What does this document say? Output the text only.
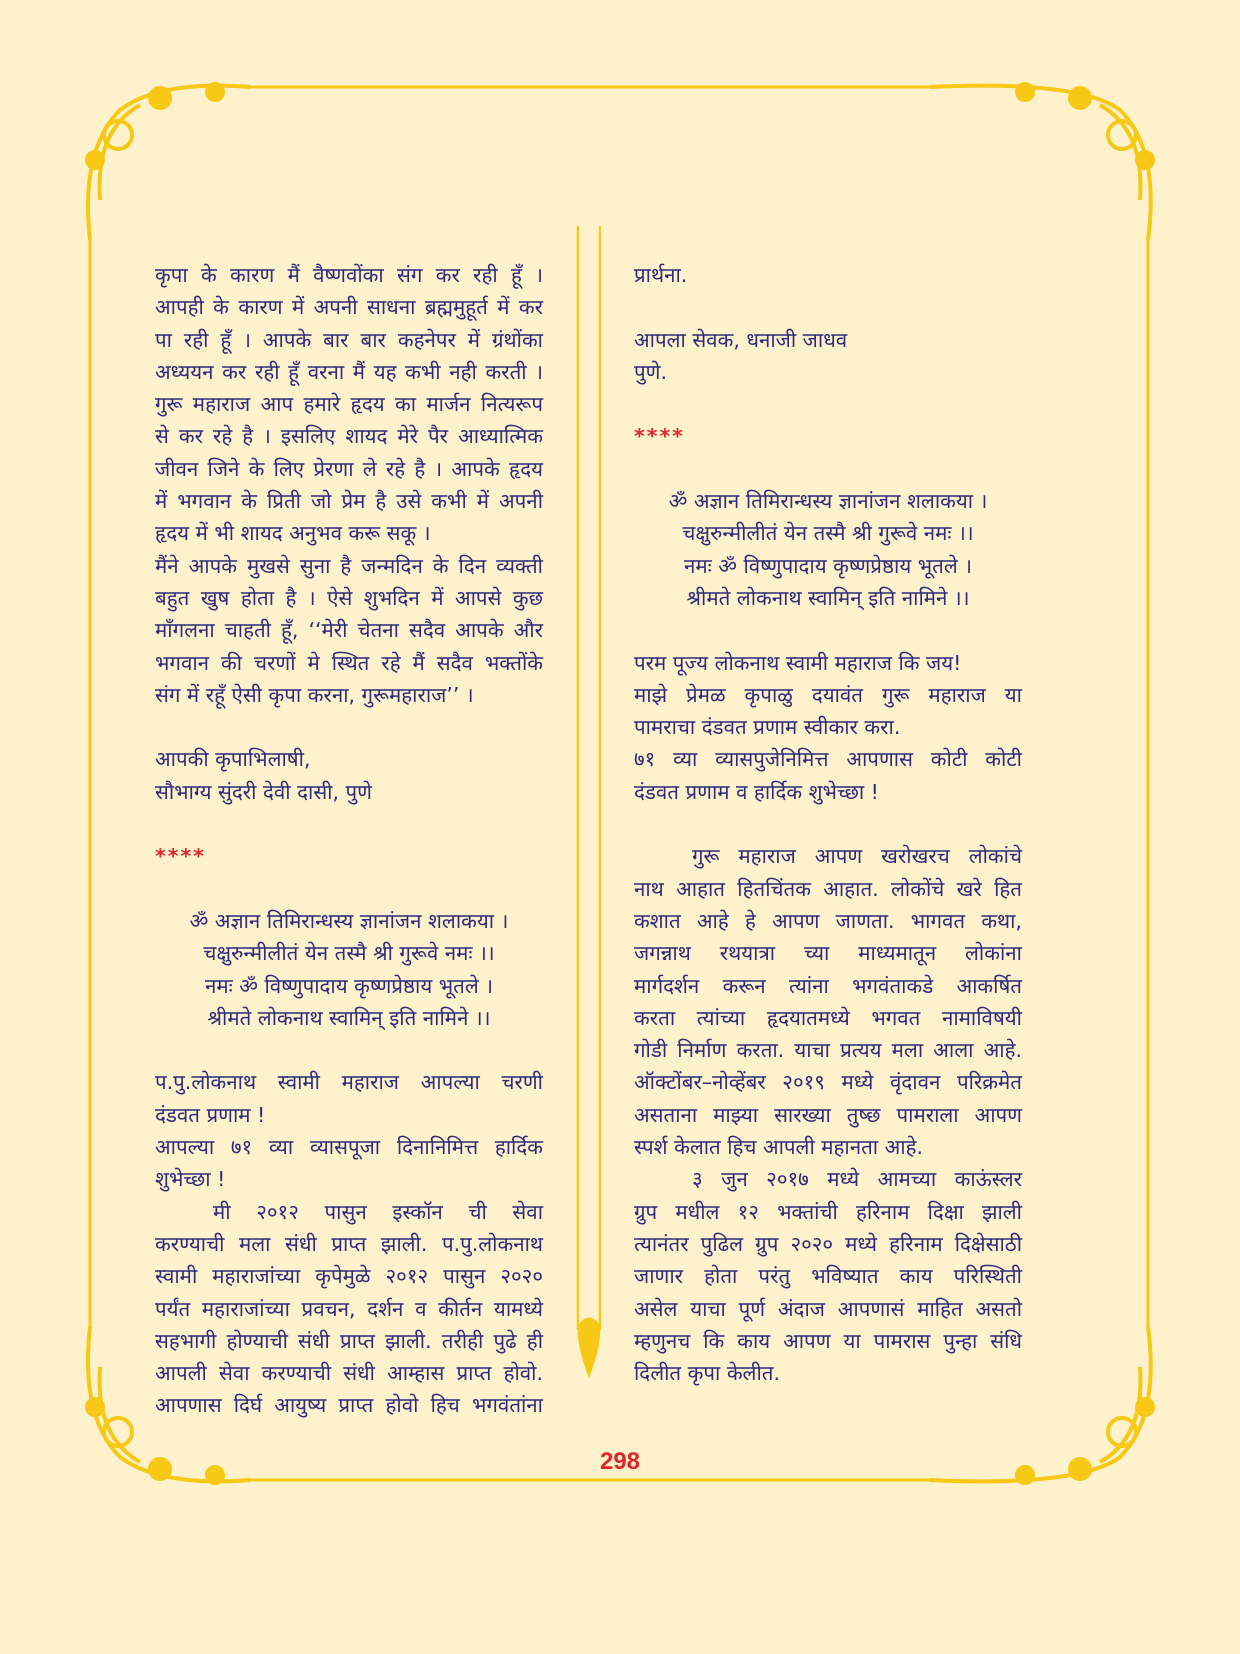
कृपा के कारण मैं वैष्णवोंका संग कर रही हूँ ।
आपही के कारण में अपनी साधना ब्रह्ममुहूर्त में कर
पा रही हूँ । आपके बार बार कहनेपर में ग्रंथोंका
अध्ययन कर रही हूँ वरना मैं यह कभी नही करती ।
गुरू महाराज आप हमारे हृदय का मार्जन नित्यरूप
से कर रहे है । इसलिए शायद मेरे पैर आध्यात्मिक
जीवन जिने के लिए प्रेरणा ले रहे है । आपके हृदय
में भगवान के प्रिती जो प्रेम है उसे कभी में अपनी
हृदय में भी शायद अनुभव करू सकू ।
मैंने आपके मुखसे सुना है जन्मदिन के दिन व्यक्ती
बहुत खुष होता है । ऐसे शुभदिन में आपसे कुछ
माँगलना चाहती हूँ, ‘‘मेरी चेतना सदैव आपके और
भगवान की चरणों मे स्थित रहे मैं सदैव भक्तोंके
संग में रहूँ ऐसी कृपा करना, गुरूमहाराज’’ ।

आपकी कृपाभिलाषी,
सौभाग्य सुंदरी देवी दासी, पुणे

****

ॐ अज्ञान तिमिरान्धस्य ज्ञानांजन शलाकया ।
चक्षुरुन्मीलीतं येन तस्मै श्री गुरूवे नमः ।।
नमः ॐ विष्णुपादाय कृष्णप्रेष्ठाय भूतले ।
श्रीमते लोकनाथ स्वामिन् इति नामिने ।।

प.पु.लोकनाथ स्वामी महाराज आपल्या चरणी
दंडवत प्रणाम !
आपल्या ७१ व्या व्यासपूजा दिनानिमित्त हार्दिक
शुभेच्छा !
मी २०१२ पासुन इस्कॉन ची सेवा
करण्याची मला संधी प्राप्त झाली. प.पु.लोकनाथ
स्वामी महाराजांच्या कृपेमुळे २०१२ पासुन २०२०
पर्यंत महाराजांच्या प्रवचन, दर्शन व कीर्तन यामध्ये
सहभागी होण्याची संधी प्राप्त झाली. तरीही पुढे ही
आपली सेवा करण्याची संधी आम्हास प्राप्त होवो.
आपणास दिर्घ आयुष्य प्राप्त होवो हिच भगवंतांना
प्रार्थना.

आपला सेवक, धनाजी जाधव
पुणे.

****

ॐ अज्ञान तिमिरान्धस्य ज्ञानांजन शलाकया ।
चक्षुरुन्मीलीतं येन तस्मै श्री गुरूवे नमः ।।
नमः ॐ विष्णुपादाय कृष्णप्रेष्ठाय भूतले ।
श्रीमते लोकनाथ स्वामिन् इति नामिने ।।

परम पूज्य लोकनाथ स्वामी महाराज कि जय!
माझे प्रेमळ कृपाळु दयावंत गुरू महाराज या
पामराचा दंडवत प्रणाम स्वीकार करा.
७१ व्या व्यासपुजेनिमित्त आपणास कोटी कोटी
दंडवत प्रणाम व हार्दिक शुभेच्छा !

गुरू महाराज आपण खरोखरच लोकांचे
नाथ आहात हितचिंतक आहात. लोकोंचे खरे हित
कशात आहे हे आपण जाणता. भागवत कथा,
जगन्नाथ रथयात्रा च्या माध्यमातून लोकांना
मार्गदर्शन करून त्यांना भगवंताकडे आकर्षित
करता त्यांच्या हृदयातमध्ये भगवत नामाविषयी
गोडी निर्माण करता. याचा प्रत्यय मला आला आहे.
ऑक्टोंबर–नोव्हेंबर २०१९ मध्ये वृंदावन परिक्रमेत
असताना माझ्या सारख्या तुष्छ पामराला आपण
स्पर्श केलात हिच आपली महानता आहे.
३ जुन २०१७ मध्ये आमच्या काऊंस्लर
ग्रुप मधील १२ भक्तांची हरिनाम दिक्षा झाली
त्यानंतर पुढिल ग्रुप २०२० मध्ये हरिनाम दिक्षेसाठी
जाणार होता परंतु भविष्यात काय परिस्थिती
असेल याचा पूर्ण अंदाज आपणासं माहित असतो
म्हणुनच कि काय आपण या पामरास पुन्हा संधि
दिलीत कृपा केलीत.
298
